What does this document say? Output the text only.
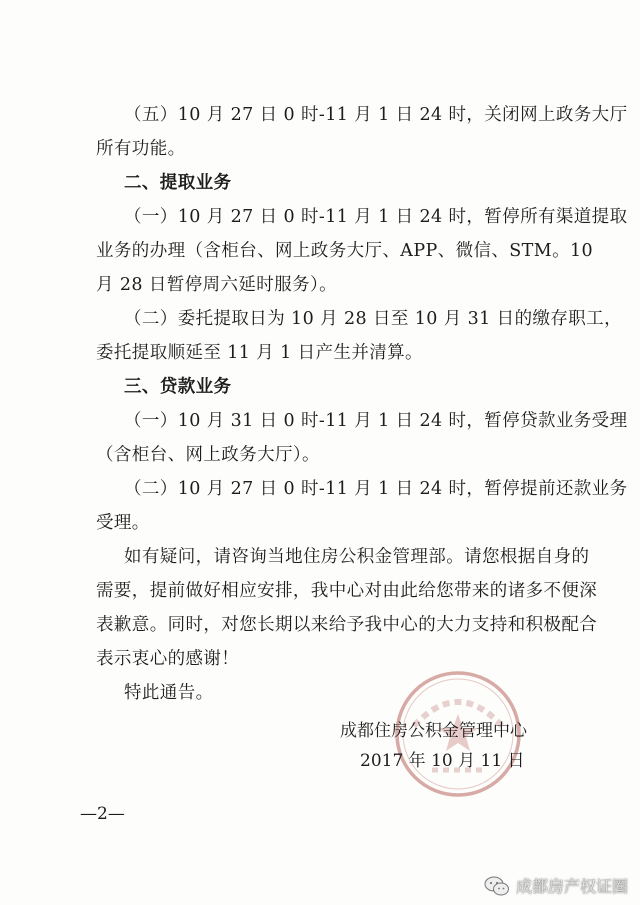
（五）10 月 27 日 0 时-11 月 1 日 24 时，关闭网上政务大厅
所有功能。
二、提取业务
（一）10 月 27 日 0 时-11 月 1 日 24 时，暂停所有渠道提取
业务的办理（含柜台、网上政务大厅、APP、微信、STM。10
月 28 日暂停周六延时服务）。
（二）委托提取日为 10 月 28 日至 10 月 31 日的缴存职工，
委托提取顺延至 11 月 1 日产生并清算。
三、贷款业务
（一）10 月 31 日 0 时-11 月 1 日 24 时，暂停贷款业务受理
（含柜台、网上政务大厅）。
（二）10 月 27 日 0 时-11 月 1 日 24 时，暂停提前还款业务
受理。
如有疑问，请咨询当地住房公积金管理部。请您根据自身的
需要，提前做好相应安排，我中心对由此给您带来的诸多不便深
表歉意。同时，对您长期以来给予我中心的大力支持和积极配合
表示衷心的感谢！
特此通告。
成都住房公积金管理中心
2017 年 10 月 11 日
—2—
成都房产权证圈
